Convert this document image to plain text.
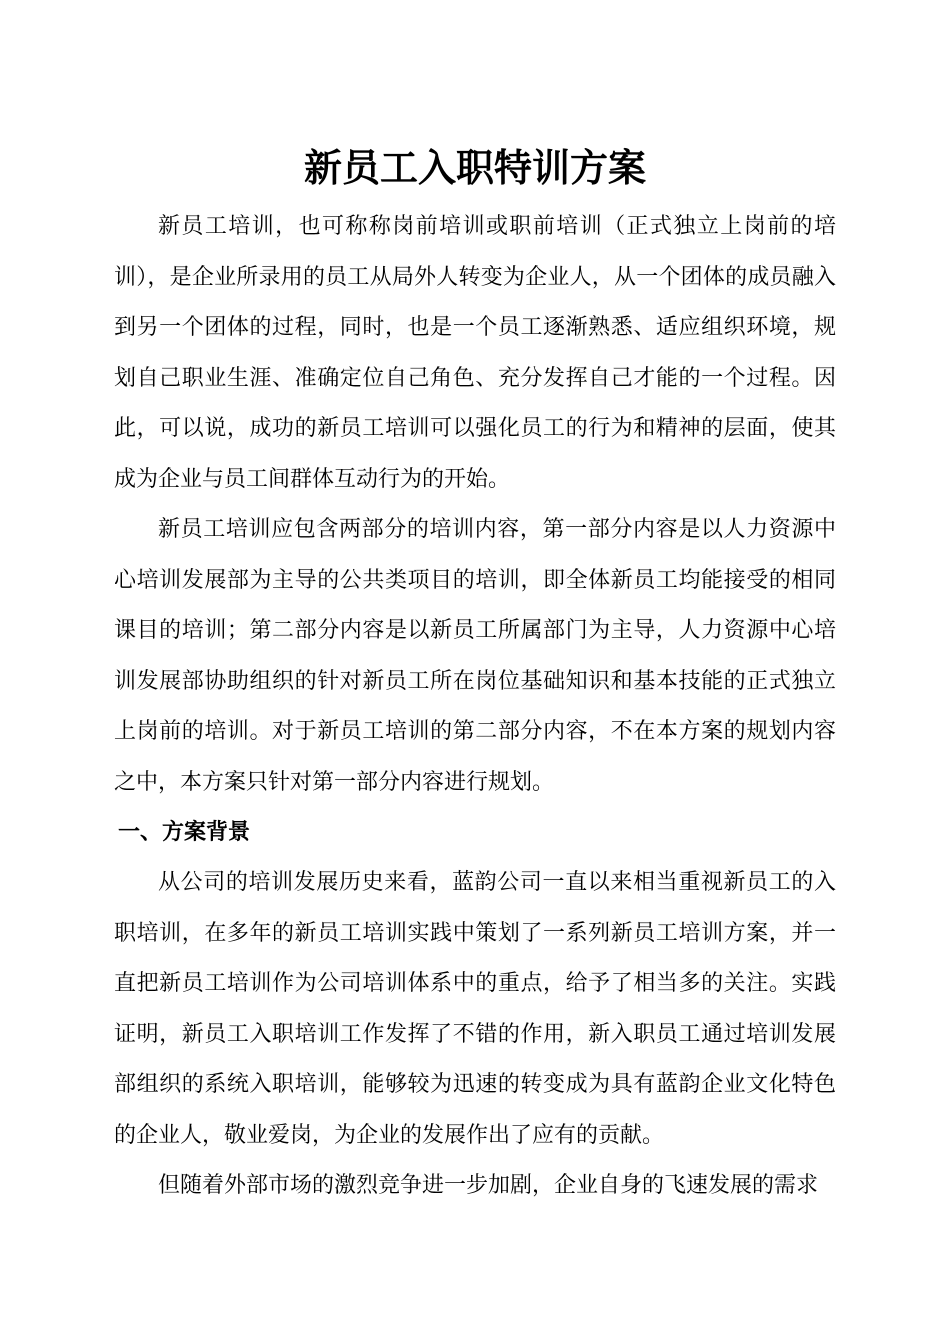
新员工入职特训方案

新员工培训，也可称称岗前培训或职前培训（正式独立上岗前的培训），是企业所录用的员工从局外人转变为企业人，从一个团体的成员融入到另一个团体的过程，同时，也是一个员工逐渐熟悉、适应组织环境，规划自己职业生涯、准确定位自己角色、充分发挥自己才能的一个过程。因此，可以说，成功的新员工培训可以强化员工的行为和精神的层面，使其成为企业与员工间群体互动行为的开始。

新员工培训应包含两部分的培训内容，第一部分内容是以人力资源中心培训发展部为主导的公共类项目的培训，即全体新员工均能接受的相同课目的培训；第二部分内容是以新员工所属部门为主导，人力资源中心培训发展部协助组织的针对新员工所在岗位基础知识和基本技能的正式独立上岗前的培训。对于新员工培训的第二部分内容，不在本方案的规划内容之中，本方案只针对第一部分内容进行规划。

一、方案背景

从公司的培训发展历史来看，蓝韵公司一直以来相当重视新员工的入职培训，在多年的新员工培训实践中策划了一系列新员工培训方案，并一直把新员工培训作为公司培训体系中的重点，给予了相当多的关注。实践证明，新员工入职培训工作发挥了不错的作用，新入职员工通过培训发展部组织的系统入职培训，能够较为迅速的转变成为具有蓝韵企业文化特色的企业人，敬业爱岗，为企业的发展作出了应有的贡献。

但随着外部市场的激烈竞争进一步加剧，企业自身的飞速发展的需求
